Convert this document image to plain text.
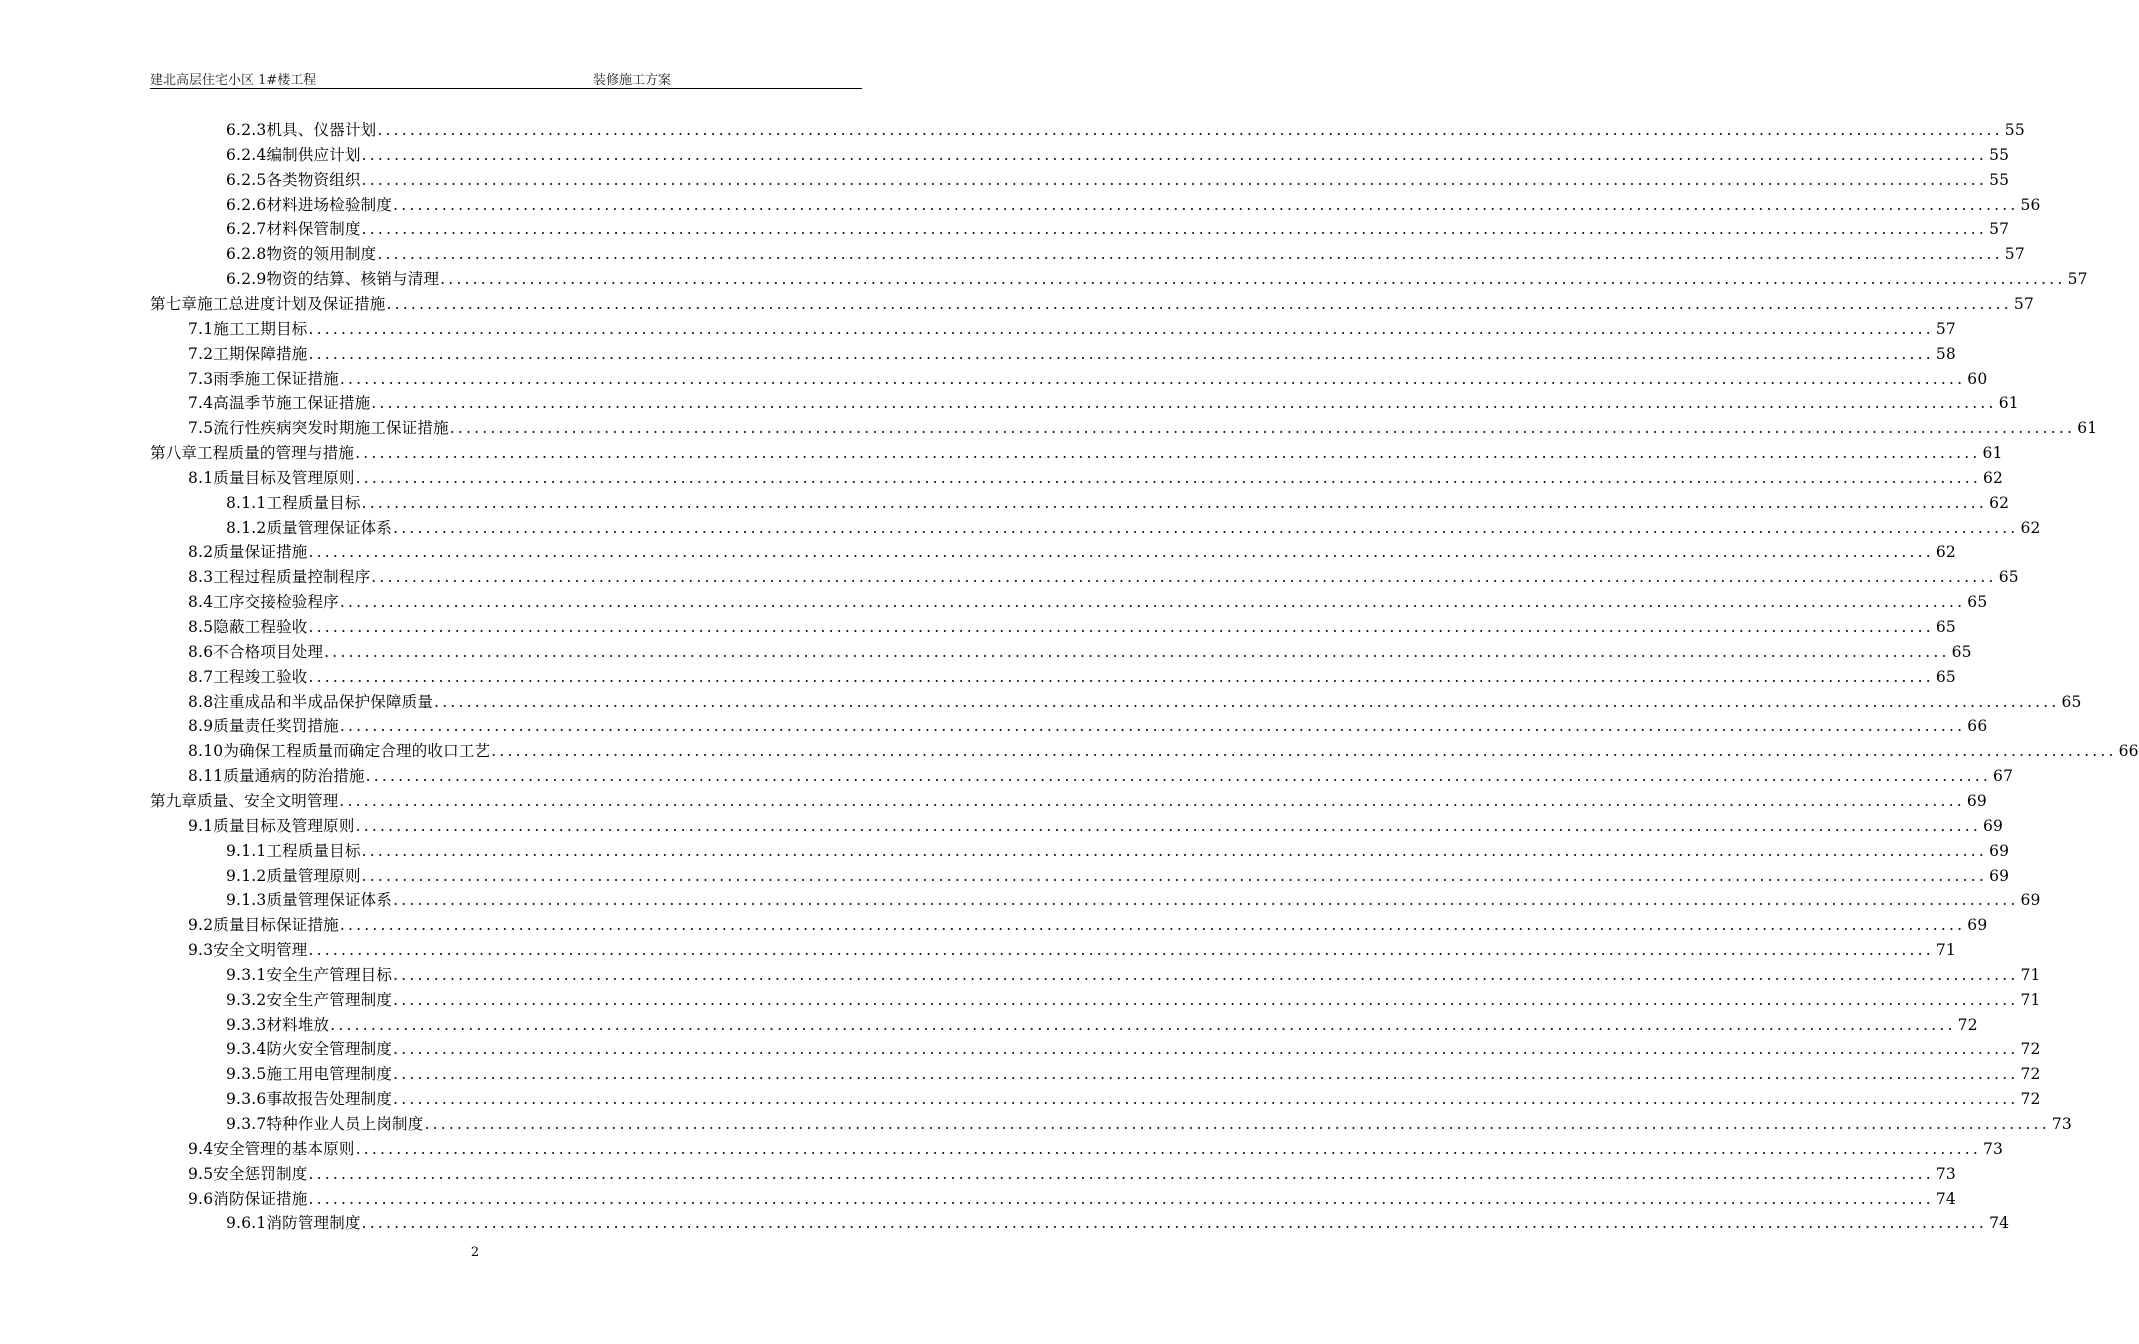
建北高层住宅小区 1#楼工程	装修施工方案
6.2.3 机具、仪器计划 ........................................................................................................................................................................................................ 55
6.2.4 编制供应计划 ........................................................................................................................................................................................................ 55
6.2.5 各类物资组织 ........................................................................................................................................................................................................ 55
6.2.6 材料进场检验制度 ........................................................................................................................................................................................................ 56
6.2.7 材料保管制度 ........................................................................................................................................................................................................ 57
6.2.8 物资的领用制度 ........................................................................................................................................................................................................ 57
6.2.9 物资的结算、核销与清理 ........................................................................................................................................................................................................ 57
第七章 施工总进度计划及保证措施 ........................................................................................................................................................................................................ 57
7.1 施工工期目标 ........................................................................................................................................................................................................ 57
7.2 工期保障措施 ........................................................................................................................................................................................................ 58
7.3 雨季施工保证措施 ........................................................................................................................................................................................................ 60
7.4 高温季节施工保证措施 ........................................................................................................................................................................................................ 61
7.5 流行性疾病突发时期施工保证措施 ........................................................................................................................................................................................................ 61
第八章 工程质量的管理与措施 ........................................................................................................................................................................................................ 61
8.1 质量目标及管理原则 ........................................................................................................................................................................................................ 62
8.1.1 工程质量目标 ........................................................................................................................................................................................................ 62
8.1.2 质量管理保证体系 ........................................................................................................................................................................................................ 62
8.2 质量保证措施 ........................................................................................................................................................................................................ 62
8.3 工程过程质量控制程序 ........................................................................................................................................................................................................ 65
8.4 工序交接检验程序 ........................................................................................................................................................................................................ 65
8.5 隐蔽工程验收 ........................................................................................................................................................................................................ 65
8.6 不合格项目处理 ........................................................................................................................................................................................................ 65
8.7 工程竣工验收 ........................................................................................................................................................................................................ 65
8.8 注重成品和半成品保护保障质量 ........................................................................................................................................................................................................ 65
8.9 质量责任奖罚措施 ........................................................................................................................................................................................................ 66
8.10 为确保工程质量而确定合理的收口工艺 ........................................................................................................................................................................................................ 66
8.11 质量通病的防治措施 ........................................................................................................................................................................................................ 67
第九章 质量、安全文明管理 ........................................................................................................................................................................................................ 69
9.1 质量目标及管理原则 ........................................................................................................................................................................................................ 69
9.1.1 工程质量目标 ........................................................................................................................................................................................................ 69
9.1.2 质量管理原则 ........................................................................................................................................................................................................ 69
9.1.3 质量管理保证体系 ........................................................................................................................................................................................................ 69
9.2 质量目标保证措施 ........................................................................................................................................................................................................ 69
9.3 安全文明管理 ........................................................................................................................................................................................................ 71
9.3.1 安全生产管理目标 ........................................................................................................................................................................................................ 71
9.3.2 安全生产管理制度 ........................................................................................................................................................................................................ 71
9.3.3 材料堆放 ........................................................................................................................................................................................................ 72
9.3.4 防火安全管理制度 ........................................................................................................................................................................................................ 72
9.3.5 施工用电管理制度 ........................................................................................................................................................................................................ 72
9.3.6 事故报告处理制度 ........................................................................................................................................................................................................ 72
9.3.7 特种作业人员上岗制度 ........................................................................................................................................................................................................ 73
9.4 安全管理的基本原则 ........................................................................................................................................................................................................ 73
9.5 安全惩罚制度 ........................................................................................................................................................................................................ 73
9.6 消防保证措施 ........................................................................................................................................................................................................ 74
9.6.1 消防管理制度 ........................................................................................................................................................................................................ 74
2
